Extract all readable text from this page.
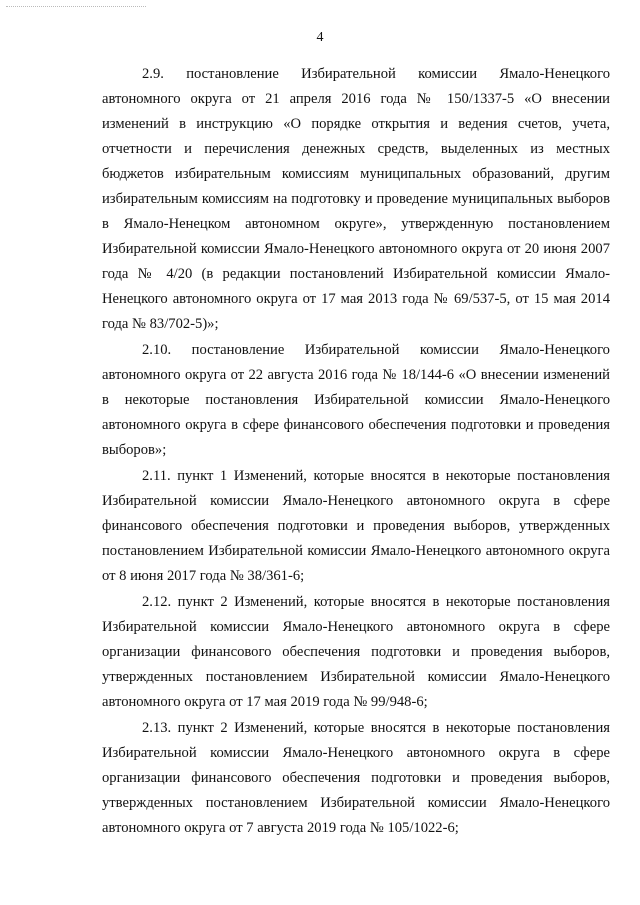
4

2.9. постановление Избирательной комиссии Ямало-Ненецкого автономного округа от 21 апреля 2016 года № 150/1337-5 «О внесении изменений в инструкцию «О порядке открытия и ведения счетов, учета, отчетности и перечисления денежных средств, выделенных из местных бюджетов избирательным комиссиям муниципальных образований, другим избирательным комиссиям на подготовку и проведение муниципальных выборов в Ямало-Ненецком автономном округе», утвержденную постановлением Избирательной комиссии Ямало-Ненецкого автономного округа от 20 июня 2007 года № 4/20 (в редакции постановлений Избирательной комиссии Ямало-Ненецкого автономного округа от 17 мая 2013 года № 69/537-5, от 15 мая 2014 года № 83/702-5)»;

2.10. постановление Избирательной комиссии Ямало-Ненецкого автономного округа от 22 августа 2016 года № 18/144-6 «О внесении изменений в некоторые постановления Избирательной комиссии Ямало-Ненецкого автономного округа в сфере финансового обеспечения подготовки и проведения выборов»;

2.11. пункт 1 Изменений, которые вносятся в некоторые постановления Избирательной комиссии Ямало-Ненецкого автономного округа в сфере финансового обеспечения подготовки и проведения выборов, утвержденных постановлением Избирательной комиссии Ямало-Ненецкого автономного округа от 8 июня 2017 года № 38/361-6;

2.12. пункт 2 Изменений, которые вносятся в некоторые постановления Избирательной комиссии Ямало-Ненецкого автономного округа в сфере организации финансового обеспечения подготовки и проведения выборов, утвержденных постановлением Избирательной комиссии Ямало-Ненецкого автономного округа от 17 мая 2019 года № 99/948-6;

2.13. пункт 2 Изменений, которые вносятся в некоторые постановления Избирательной комиссии Ямало-Ненецкого автономного округа в сфере организации финансового обеспечения подготовки и проведения выборов, утвержденных постановлением Избирательной комиссии Ямало-Ненецкого автономного округа от 7 августа 2019 года № 105/1022-6;
